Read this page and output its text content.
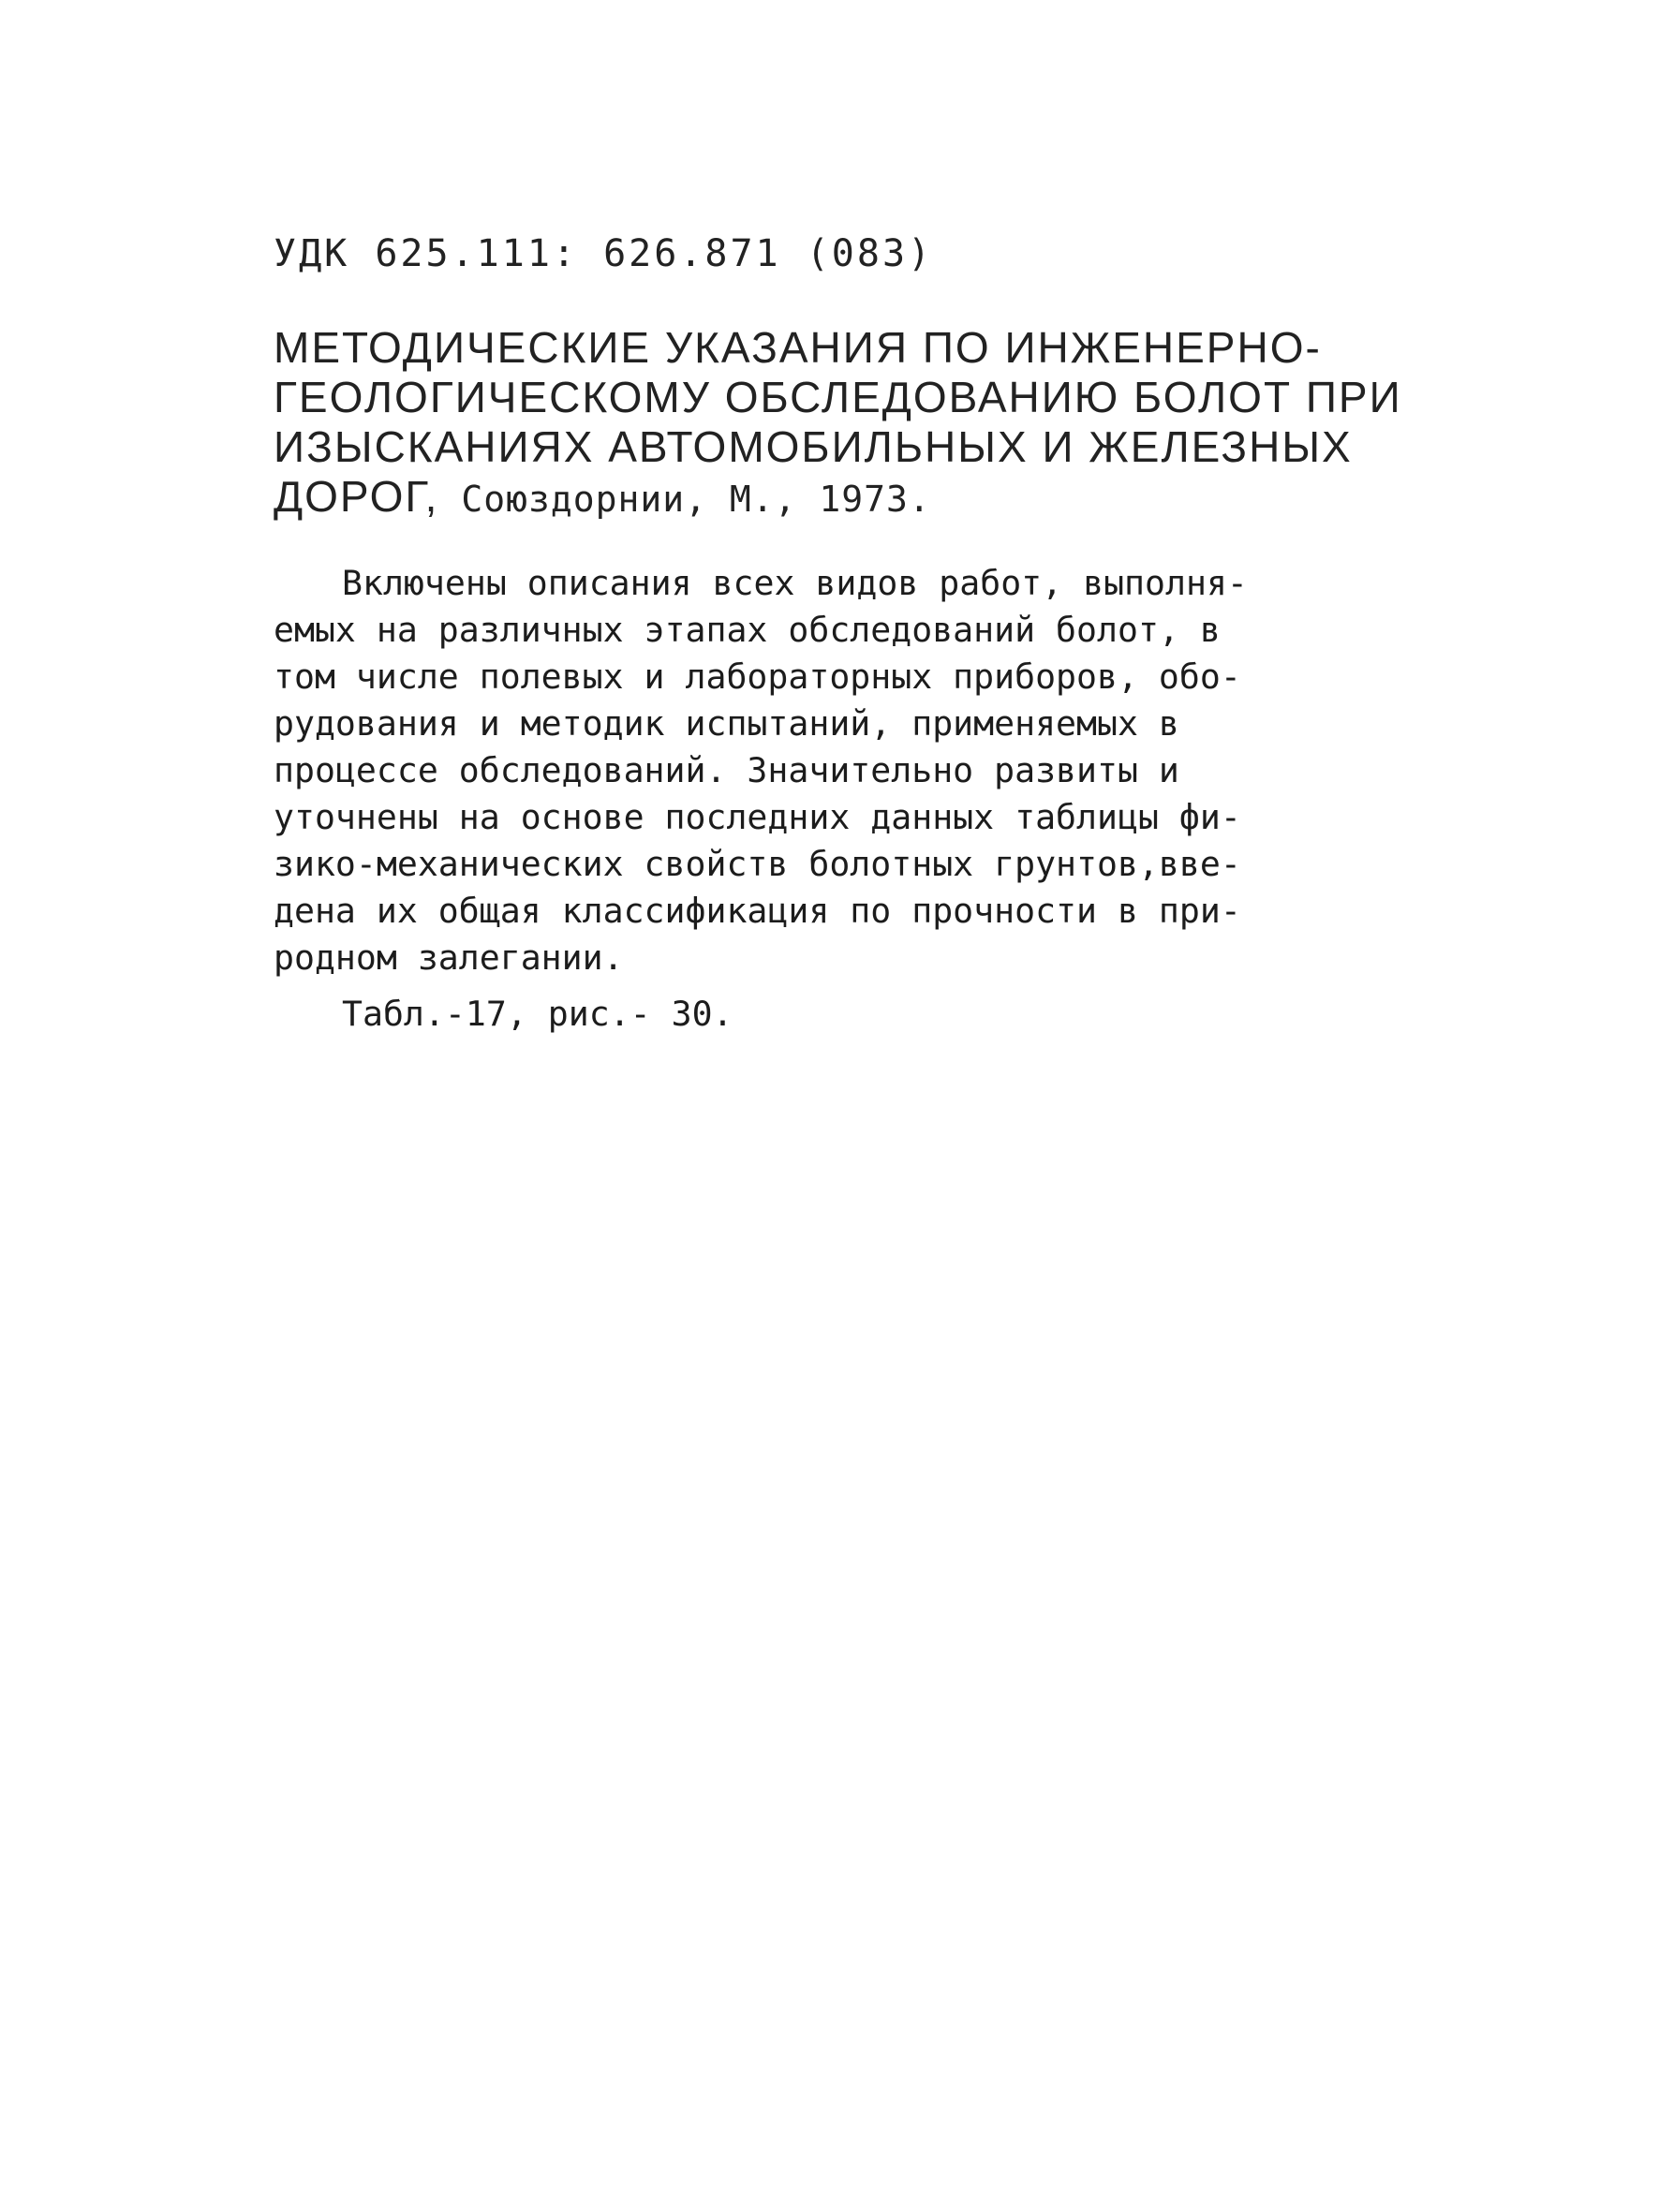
УДК 625.111: 626.871 (083)
МЕТОДИЧЕСКИЕ УКАЗАНИЯ ПО ИНЖЕНЕРНО-
ГЕОЛОГИЧЕСКОМУ ОБСЛЕДОВАНИЮ БОЛОТ ПРИ
ИЗЫСКАНИЯХ АВТОМОБИЛЬНЫХ И ЖЕЛЕЗНЫХ
ДОРОГ, Союздорнии, М., 1973.
Включены описания всех видов работ, выполня-
емых на различных этапах обследований болот, в
том числе полевых и лабораторных приборов, обо-
рудования и методик испытаний, применяемых в
процессе обследований. Значительно развиты и
уточнены на основе последних данных таблицы фи-
зико-механических свойств болотных грунтов,вве-
дена их общая классификация по прочности в при-
родном залегании.
Табл.-17, рис.- 30.
